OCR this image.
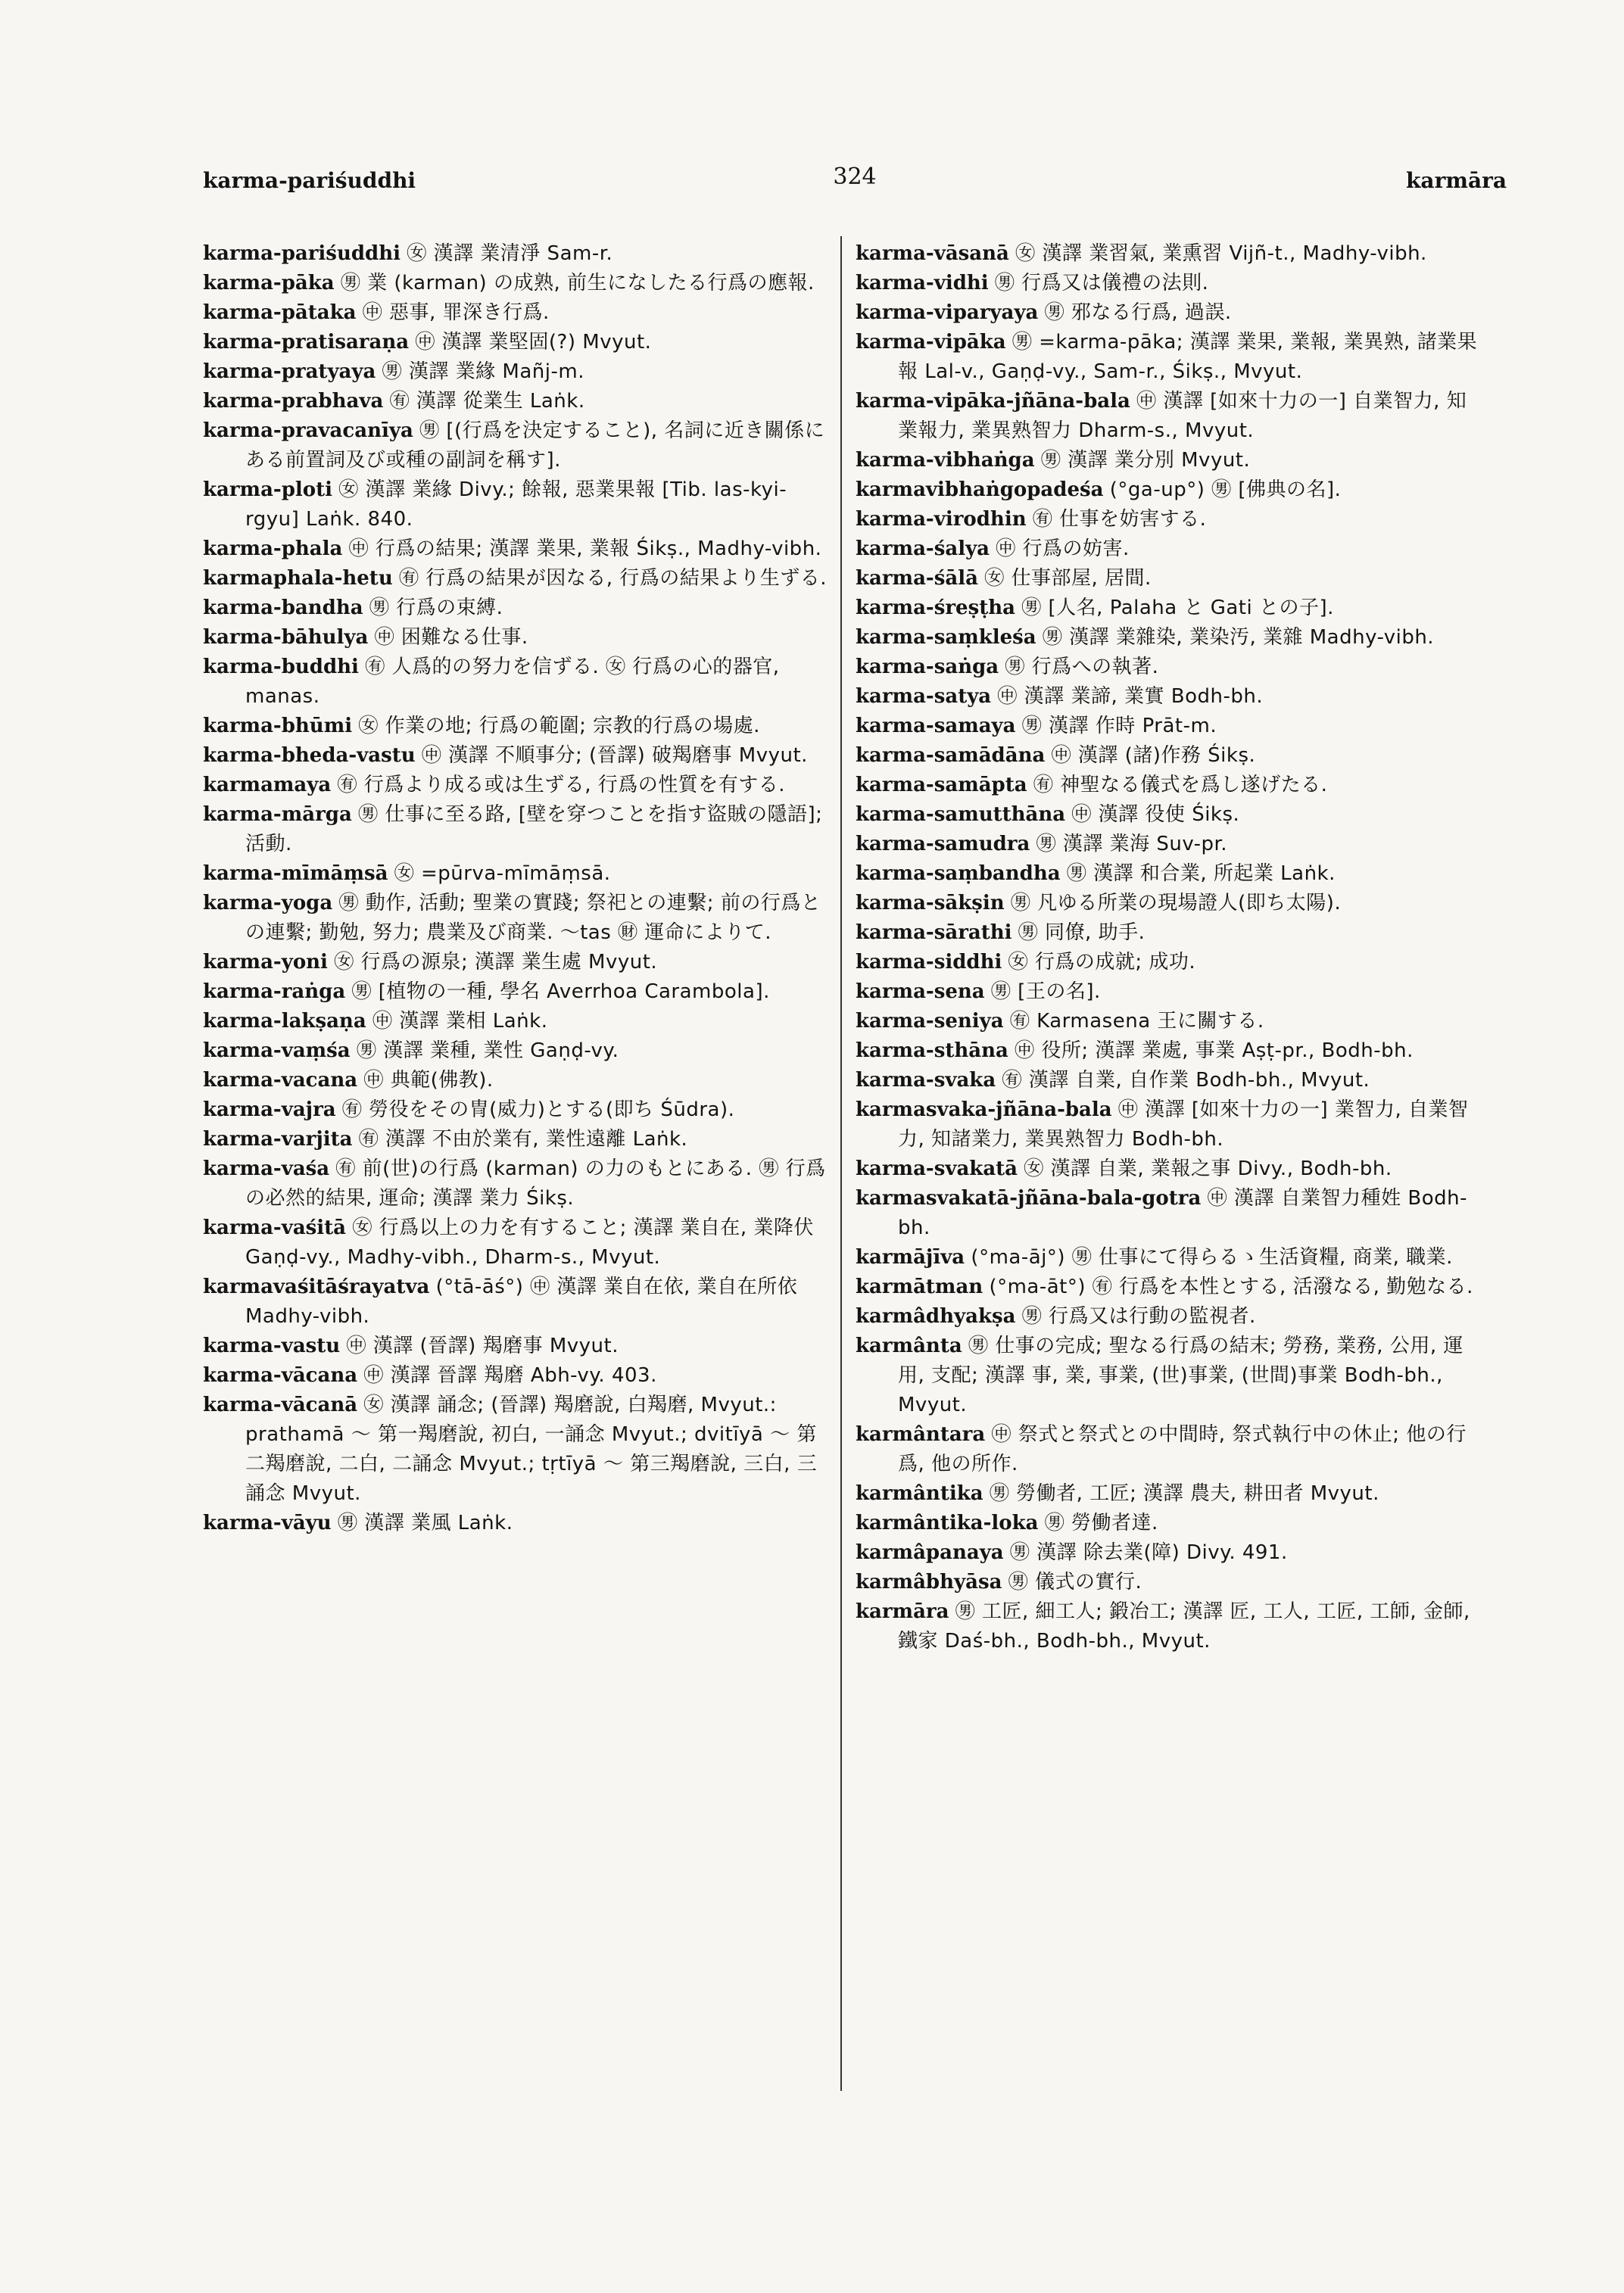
karma-pariśuddhi	324	karmāra

karma-pariśuddhi ㊛ 漢譯 業清淨 Sam-r.

karma-pāka ㊚ 業 (karman) の成熟, 前生になしたる行爲の應報.

karma-pātaka ㊥ 惡事, 罪深き行爲.

karma-pratisaraṇa ㊥ 漢譯 業堅固(?) Mvyut.

karma-pratyaya ㊚ 漢譯 業緣 Mañj-m.

karma-prabhava ㊒ 漢譯 從業生 Laṅk.

karma-pravacanīya ㊚ [(行爲を決定すること), 名詞に近き關係にある前置詞及び或種の副詞を稱す].

karma-ploti ㊛ 漢譯 業緣 Divy.; 餘報, 惡業果報 [Tib. las-kyi-rgyu] Laṅk. 840.

karma-phala ㊥ 行爲の結果; 漢譯 業果, 業報 Śikṣ., Madhy-vibh.

karmaphala-hetu ㊒ 行爲の結果が因なる, 行爲の結果より生ずる.

karma-bandha ㊚ 行爲の束縛.

karma-bāhulya ㊥ 困難なる仕事.

karma-buddhi ㊒ 人爲的の努力を信ずる. ㊛ 行爲の心的器官, manas.

karma-bhūmi ㊛ 作業の地; 行爲の範圍; 宗教的行爲の場處.

karma-bheda-vastu ㊥ 漢譯 不順事分; (晉譯) 破羯磨事 Mvyut.

karmamaya ㊒ 行爲より成る或は生ずる, 行爲の性質を有する.

karma-mārga ㊚ 仕事に至る路, [壁を穿つことを指す盜賊の隱語]; 活動.

karma-mīmāṃsā ㊛ =pūrva-mīmāṃsā.

karma-yoga ㊚ 動作, 活動; 聖業の實踐; 祭祀との連繫; 前の行爲との連繫; 勤勉, 努力; 農業及び商業. 〜tas ㊖ 運命によりて.

karma-yoni ㊛ 行爲の源泉; 漢譯 業生處 Mvyut.

karma-raṅga ㊚ [植物の一種, 學名 Averrhoa Carambola].

karma-lakṣaṇa ㊥ 漢譯 業相 Laṅk.

karma-vaṃśa ㊚ 漢譯 業種, 業性 Gaṇḍ-vy.

karma-vacana ㊥ 典範(佛教).

karma-vajra ㊒ 勞役をその冑(威力)とする(即ち Śūdra).

karma-varjita ㊒ 漢譯 不由於業有, 業性遠離 Laṅk.

karma-vaśa ㊒ 前(世)の行爲 (karman) の力のもとにある. ㊚ 行爲の必然的結果, 運命; 漢譯 業力 Śikṣ.

karma-vaśitā ㊛ 行爲以上の力を有すること; 漢譯 業自在, 業降伏 Gaṇḍ-vy., Madhy-vibh., Dharm-s., Mvyut.

karmavaśitāśrayatva (°tā-āś°) ㊥ 漢譯 業自在依, 業自在所依 Madhy-vibh.

karma-vastu ㊥ 漢譯 (晉譯) 羯磨事 Mvyut.

karma-vācana ㊥ 漢譯 晉譯 羯磨 Abh-vy. 403.

karma-vācanā ㊛ 漢譯 誦念; (晉譯) 羯磨說, 白羯磨, Mvyut.: prathamā 〜 第一羯磨說, 初白, 一誦念 Mvyut.; dvitīyā 〜 第二羯磨說, 二白, 二誦念 Mvyut.; tṛtīyā 〜 第三羯磨說, 三白, 三誦念 Mvyut.

karma-vāyu ㊚ 漢譯 業風 Laṅk.

karma-vāsanā ㊛ 漢譯 業習氣, 業熏習 Vijñ-t., Madhy-vibh.

karma-vidhi ㊚ 行爲又は儀禮の法則.

karma-viparyaya ㊚ 邪なる行爲, 過誤.

karma-vipāka ㊚ =karma-pāka; 漢譯 業果, 業報, 業異熟, 諸業果報 Lal-v., Gaṇḍ-vy., Sam-r., Śikṣ., Mvyut.

karma-vipāka-jñāna-bala ㊥ 漢譯 [如來十力の一] 自業智力, 知業報力, 業異熟智力 Dharm-s., Mvyut.

karma-vibhaṅga ㊚ 漢譯 業分別 Mvyut.

karmavibhaṅgopadeśa (°ga-up°) ㊚ [佛典の名].

karma-virodhin ㊒ 仕事を妨害する.

karma-śalya ㊥ 行爲の妨害.

karma-śālā ㊛ 仕事部屋, 居間.

karma-śreṣṭha ㊚ [人名, Palaha と Gati との子].

karma-saṃkleśa ㊚ 漢譯 業雜染, 業染汚, 業雜 Madhy-vibh.

karma-saṅga ㊚ 行爲への執著.

karma-satya ㊥ 漢譯 業諦, 業實 Bodh-bh.

karma-samaya ㊚ 漢譯 作時 Prāt-m.

karma-samādāna ㊥ 漢譯 (諸)作務 Śikṣ.

karma-samāpta ㊒ 神聖なる儀式を爲し遂げたる.

karma-samutthāna ㊥ 漢譯 役使 Śikṣ.

karma-samudra ㊚ 漢譯 業海 Suv-pr.

karma-saṃbandha ㊚ 漢譯 和合業, 所起業 Laṅk.

karma-sākṣin ㊚ 凡ゆる所業の現場證人(即ち太陽).

karma-sārathi ㊚ 同僚, 助手.

karma-siddhi ㊛ 行爲の成就; 成功.

karma-sena ㊚ [王の名].

karma-seniya ㊒ Karmasena 王に關する.

karma-sthāna ㊥ 役所; 漢譯 業處, 事業 Aṣṭ-pr., Bodh-bh.

karma-svaka ㊒ 漢譯 自業, 自作業 Bodh-bh., Mvyut.

karmasvaka-jñāna-bala ㊥ 漢譯 [如來十力の一] 業智力, 自業智力, 知諸業力, 業異熟智力 Bodh-bh.

karma-svakatā ㊛ 漢譯 自業, 業報之事 Divy., Bodh-bh.

karmasvakatā-jñāna-bala-gotra ㊥ 漢譯 自業智力種姓 Bodh-bh.

karmājīva (°ma-āj°) ㊚ 仕事にて得らるゝ生活資糧, 商業, 職業.

karmātman (°ma-āt°) ㊒ 行爲を本性とする, 活潑なる, 勤勉なる.

karmâdhyakṣa ㊚ 行爲又は行動の監視者.

karmânta ㊚ 仕事の完成; 聖なる行爲の結末; 勞務, 業務, 公用, 運用, 支配; 漢譯 事, 業, 事業, (世)事業, (世間)事業 Bodh-bh., Mvyut.

karmântara ㊥ 祭式と祭式との中間時, 祭式執行中の休止; 他の行爲, 他の所作.

karmântika ㊚ 勞働者, 工匠; 漢譯 農夫, 耕田者 Mvyut.

karmântika-loka ㊚ 勞働者達.

karmâpanaya ㊚ 漢譯 除去業(障) Divy. 491.

karmâbhyāsa ㊚ 儀式の實行.

karmāra ㊚ 工匠, 細工人; 鍛冶工; 漢譯 匠, 工人, 工匠, 工師, 金師, 鐵家 Daś-bh., Bodh-bh., Mvyut.
